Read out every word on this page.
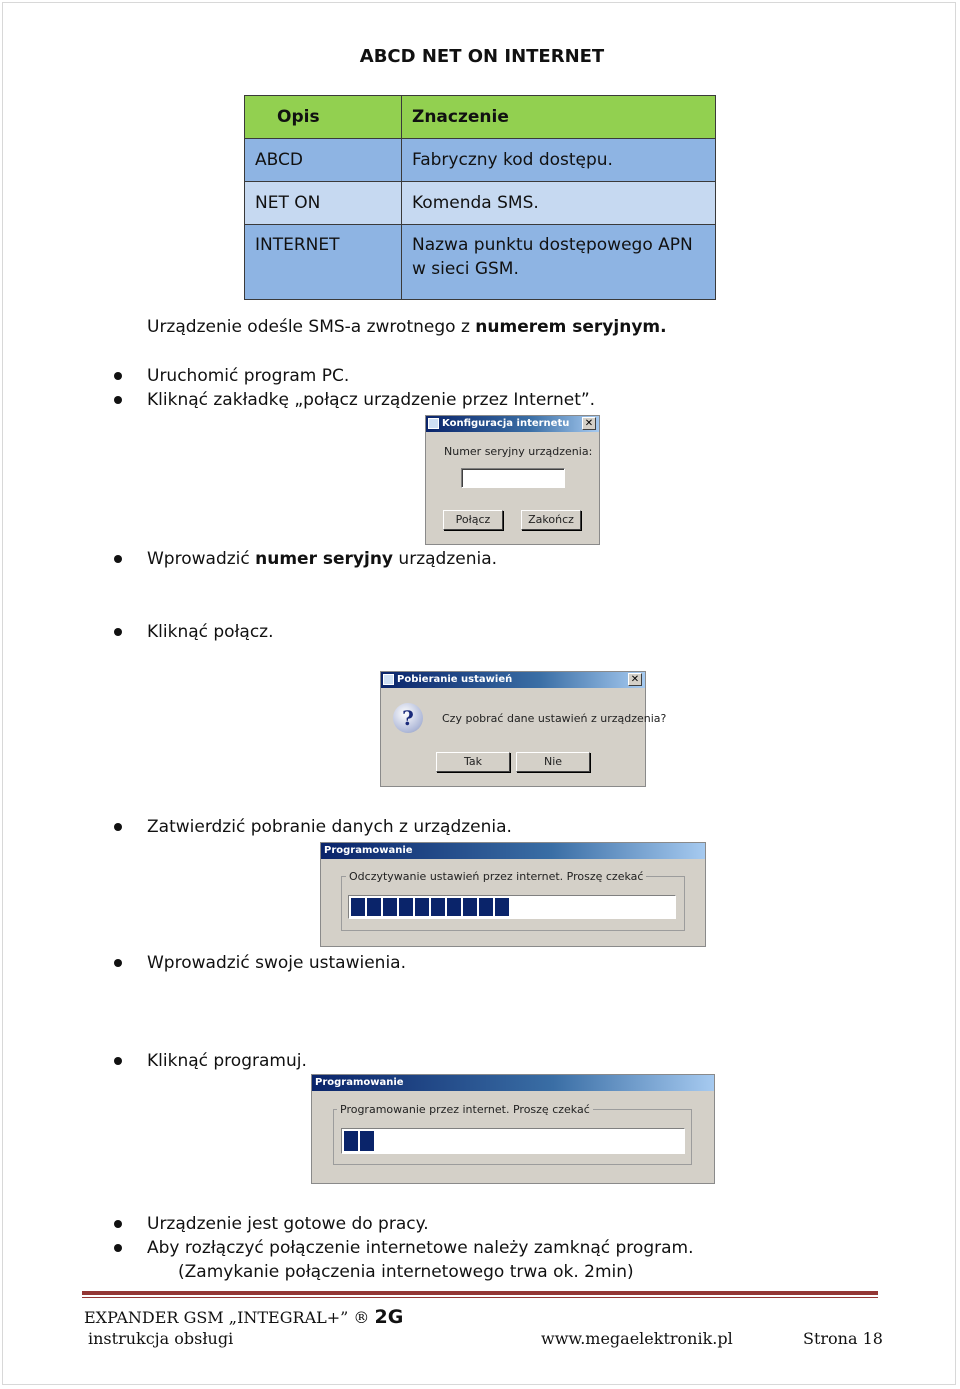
ABCD NET ON INTERNET
Opis	Znaczenie
ABCD	Fabryczny kod dostępu.
NET ON	Komenda SMS.
INTERNET	Nazwa punktu dostępowego APN w sieci GSM.
Urządzenie odeśle SMS-a zwrotnego z numerem seryjnym.
Uruchomić program PC.
Kliknąć zakładkę „połącz urządzenie przez Internet”.
Konfiguracja internetu ✕
Numer seryjny urządzenia:
Połącz	Zakończ
Wprowadzić numer seryjny urządzenia.
Kliknąć połącz.
Pobieranie ustawień	✕
?	Czy pobrać dane ustawień z urządzenia?
Tak	Nie
Zatwierdzić pobranie danych z urządzenia.
Programowanie
Odczytywanie ustawień przez internet. Proszę czekać
Wprowadzić swoje ustawienia.
Kliknąć programuj.
Programowanie
Programowanie przez internet. Proszę czekać
Urządzenie jest gotowe do pracy.
Aby rozłączyć połączenie internetowe należy zamknąć program.
(Zamykanie połączenia internetowego trwa ok. 2min)
EXPANDER GSM „INTEGRAL+” ® 2G
instrukcja obsługi	www.megaelektronik.pl	Strona 18
